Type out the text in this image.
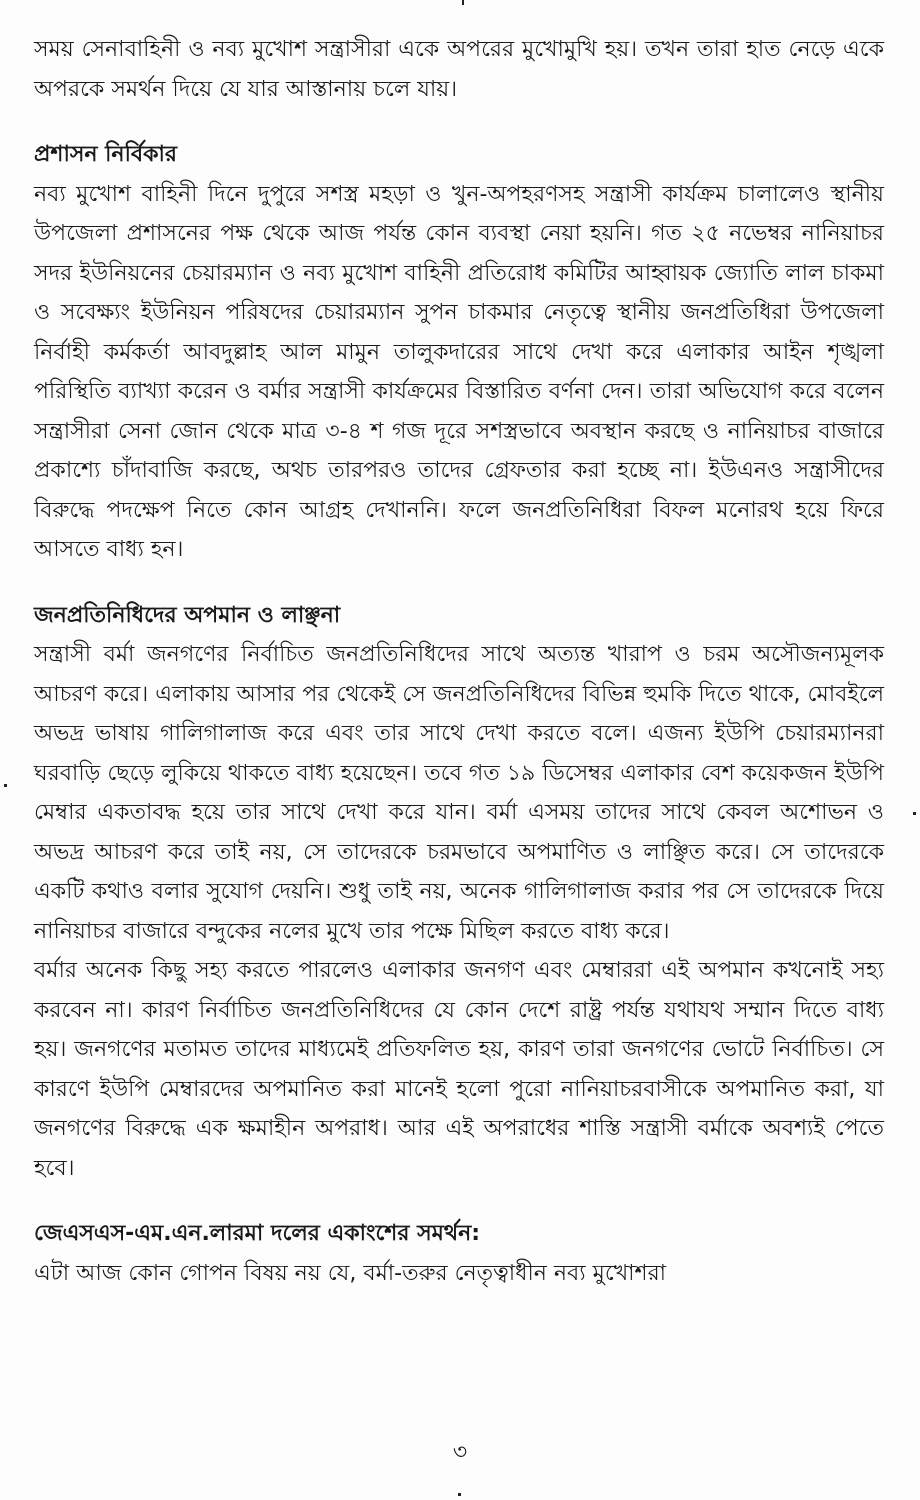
সময় সেনাবাহিনী ও নব্য মুখোশ সন্ত্রাসীরা একে অপরের মুখোমুখি হয়। তখন তারা হাত নেড়ে একে অপরকে সমর্থন দিয়ে যে যার আস্তানায় চলে যায়।

প্রশাসন নির্বিকার

নব্য মুখোশ বাহিনী দিনে দুপুরে সশস্ত্র মহড়া ও খুন-অপহরণসহ সন্ত্রাসী কার্যক্রম চালালেও স্থানীয় উপজেলা প্রশাসনের পক্ষ থেকে আজ পর্যন্ত কোন ব্যবস্থা নেয়া হয়নি। গত ২৫ নভেম্বর নানিয়াচর সদর ইউনিয়নের চেয়ারম্যান ও নব্য মুখোশ বাহিনী প্রতিরোধ কমিটির আহ্বায়ক জ্যোতি লাল চাকমা ও সবেক্ষ্যং ইউনিয়ন পরিষদের চেয়ারম্যান সুপন চাকমার নেতৃত্বে স্থানীয় জনপ্রতিধিরা উপজেলা নির্বাহী কর্মকর্তা আবদুল্লাহ আল মামুন তালুকদারের সাথে দেখা করে এলাকার আইন শৃঙ্খলা পরিস্থিতি ব্যাখ্যা করেন ও বর্মার সন্ত্রাসী কার্যক্রমের বিস্তারিত বর্ণনা দেন। তারা অভিযোগ করে বলেন সন্ত্রাসীরা সেনা জোন থেকে মাত্র ৩-৪ শ গজ দূরে সশস্ত্রভাবে অবস্থান করছে ও নানিয়াচর বাজারে প্রকাশ্যে চাঁদাবাজি করছে, অথচ তারপরও তাদের গ্রেফতার করা হচ্ছে না। ইউএনও সন্ত্রাসীদের বিরুদ্ধে পদক্ষেপ নিতে কোন আগ্রহ দেখাননি। ফলে জনপ্রতিনিধিরা বিফল মনোরথ হয়ে ফিরে আসতে বাধ্য হন।

জনপ্রতিনিধিদের অপমান ও লাঞ্ছনা

সন্ত্রাসী বর্মা জনগণের নির্বাচিত জনপ্রতিনিধিদের সাথে অত্যন্ত খারাপ ও চরম অসৌজন্যমূলক আচরণ করে। এলাকায় আসার পর থেকেই সে জনপ্রতিনিধিদের বিভিন্ন হুমকি দিতে থাকে, মোবইলে অভদ্র ভাষায় গালিগালাজ করে এবং তার সাথে দেখা করতে বলে। এজন্য ইউপি চেয়ারম্যানরা ঘরবাড়ি ছেড়ে লুকিয়ে থাকতে বাধ্য হয়েছেন। তবে গত ১৯ ডিসেম্বর এলাকার বেশ কয়েকজন ইউপি মেম্বার একতাবদ্ধ হয়ে তার সাথে দেখা করে যান। বর্মা এসময় তাদের সাথে কেবল অশোভন ও অভদ্র আচরণ করে তাই নয়, সে তাদেরকে চরমভাবে অপমাণিত ও লাঞ্ছিত করে। সে তাদেরকে একটি কথাও বলার সুযোগ দেয়নি। শুধু তাই নয়, অনেক গালিগালাজ করার পর সে তাদেরকে দিয়ে নানিয়াচর বাজারে বন্দুকের নলের মুখে তার পক্ষে মিছিল করতে বাধ্য করে।

বর্মার অনেক কিছু সহ্য করতে পারলেও এলাকার জনগণ এবং মেম্বাররা এই অপমান কখনোই সহ্য করবেন না। কারণ নির্বাচিত জনপ্রতিনিধিদের যে কোন দেশে রাষ্ট্র পর্যন্ত যথাযথ সম্মান দিতে বাধ্য হয়। জনগণের মতামত তাদের মাধ্যমেই প্রতিফলিত হয়, কারণ তারা জনগণের ভোটে নির্বাচিত। সে কারণে ইউপি মেম্বারদের অপমানিত করা মানেই হলো পুরো নানিয়াচরবাসীকে অপমানিত করা, যা জনগণের বিরুদ্ধে এক ক্ষমাহীন অপরাধ। আর এই অপরাধের শাস্তি সন্ত্রাসী বর্মাকে অবশ্যই পেতে হবে।

জেএসএস-এম.এন.লারমা দলের একাংশের সমর্থন:

এটা আজ কোন গোপন বিষয় নয় যে, বর্মা-তরুর নেতৃত্বাধীন নব্য মুখোশরা

৩
